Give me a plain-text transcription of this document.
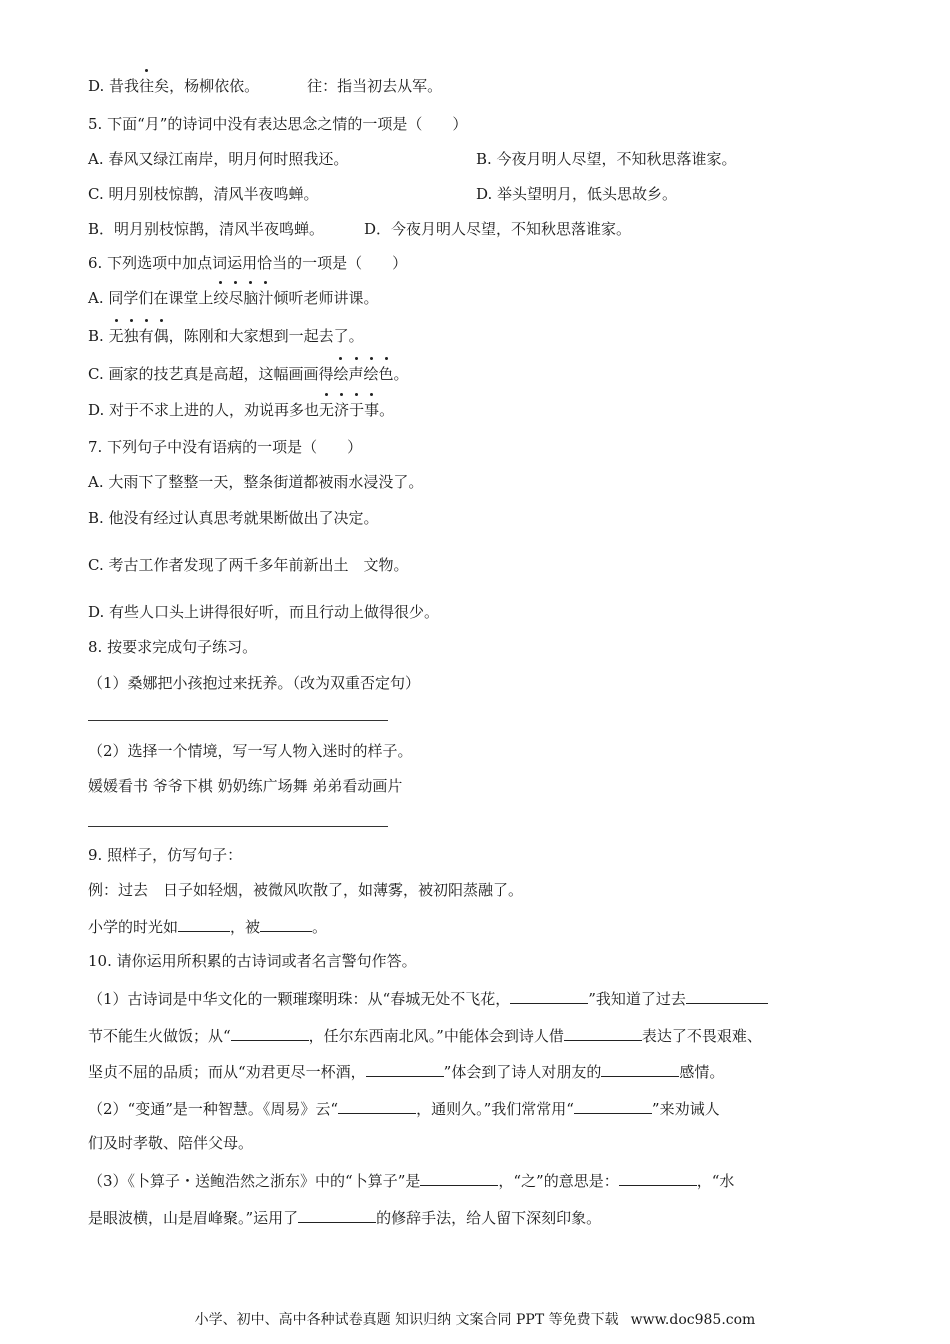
D. 昔我
往矣，杨柳依依。	往：指当初去从军。
5. 下面“月”的诗词中没有表达思念之情的一项是（　　）
A. 春风又绿江南岸，明月何时照我还。	B. 今夜月明人尽望，不知秋思落谁家。
C. 明月别枝惊鹊，清风半夜鸣蝉。	D. 举头望明月，低头思故乡。
B．明月别枝惊鹊，清风半夜鸣蝉。	D．今夜月明人尽望，不知秋思落谁家。
6. 下列选项中加点词运用恰当的一项是（　　）
A. 同学们在课堂上
绞
尽
脑
汁倾听老师讲课。
B.
无
独
有
偶，陈刚和大家想到一起去了。
C. 画家的技艺真是高超，这幅画画得
绘
声
绘
色。
D. 对于不求上进的人，劝说再多也
无
济
于
事。
7. 下列句子中没有语病的一项是（　　）
A. 大雨下了整整一天，整条街道都被雨水浸没了。
B. 他没有经过认真思考就果断做出了决定。
C. 考古工作者发现了两千多年前新出土　文物。
D. 有些人口头上讲得很好听，而且行动上做得很少。
8. 按要求完成句子练习。
（1）桑娜把小孩抱过来抚养。（改为双重否定句）
（2）选择一个情境，写一写人物入迷时的样子。
媛媛看书 爷爷下棋 奶奶练广场舞 弟弟看动画片
9. 照样子，仿写句子：
例：过去　日子如轻烟，被微风吹散了，如薄雾，被初阳蒸融了。
小学的时光如	，被	。
10. 请你运用所积累的古诗词或者名言警句作答。
（1）古诗词是中华文化的一颗璀璨明珠：从“春城无处不飞花，	”我知道了过去
节不能生火做饭；从“	，任尔东西南北风。”中能体会到诗人借	表达了不畏艰难、
坚贞不屈的品质；而从“劝君更尽一杯酒，	”体会到了诗人对朋友的	感情。
（2）“变通”是一种智慧。《周易》云“	，通则久。”我们常常用“	”来劝诫人
们及时孝敬、陪伴父母。
（3）《卜算子・送鲍浩然之浙东》中的“卜算子”是	，“之”的意思是：	，“水
是眼波横，山是眉峰聚。”运用了	的修辞手法，给人留下深刻印象。
小学、初中、高中各种试卷真题 知识归纳 文案合同 PPT 等免费下载 www.doc985.com
